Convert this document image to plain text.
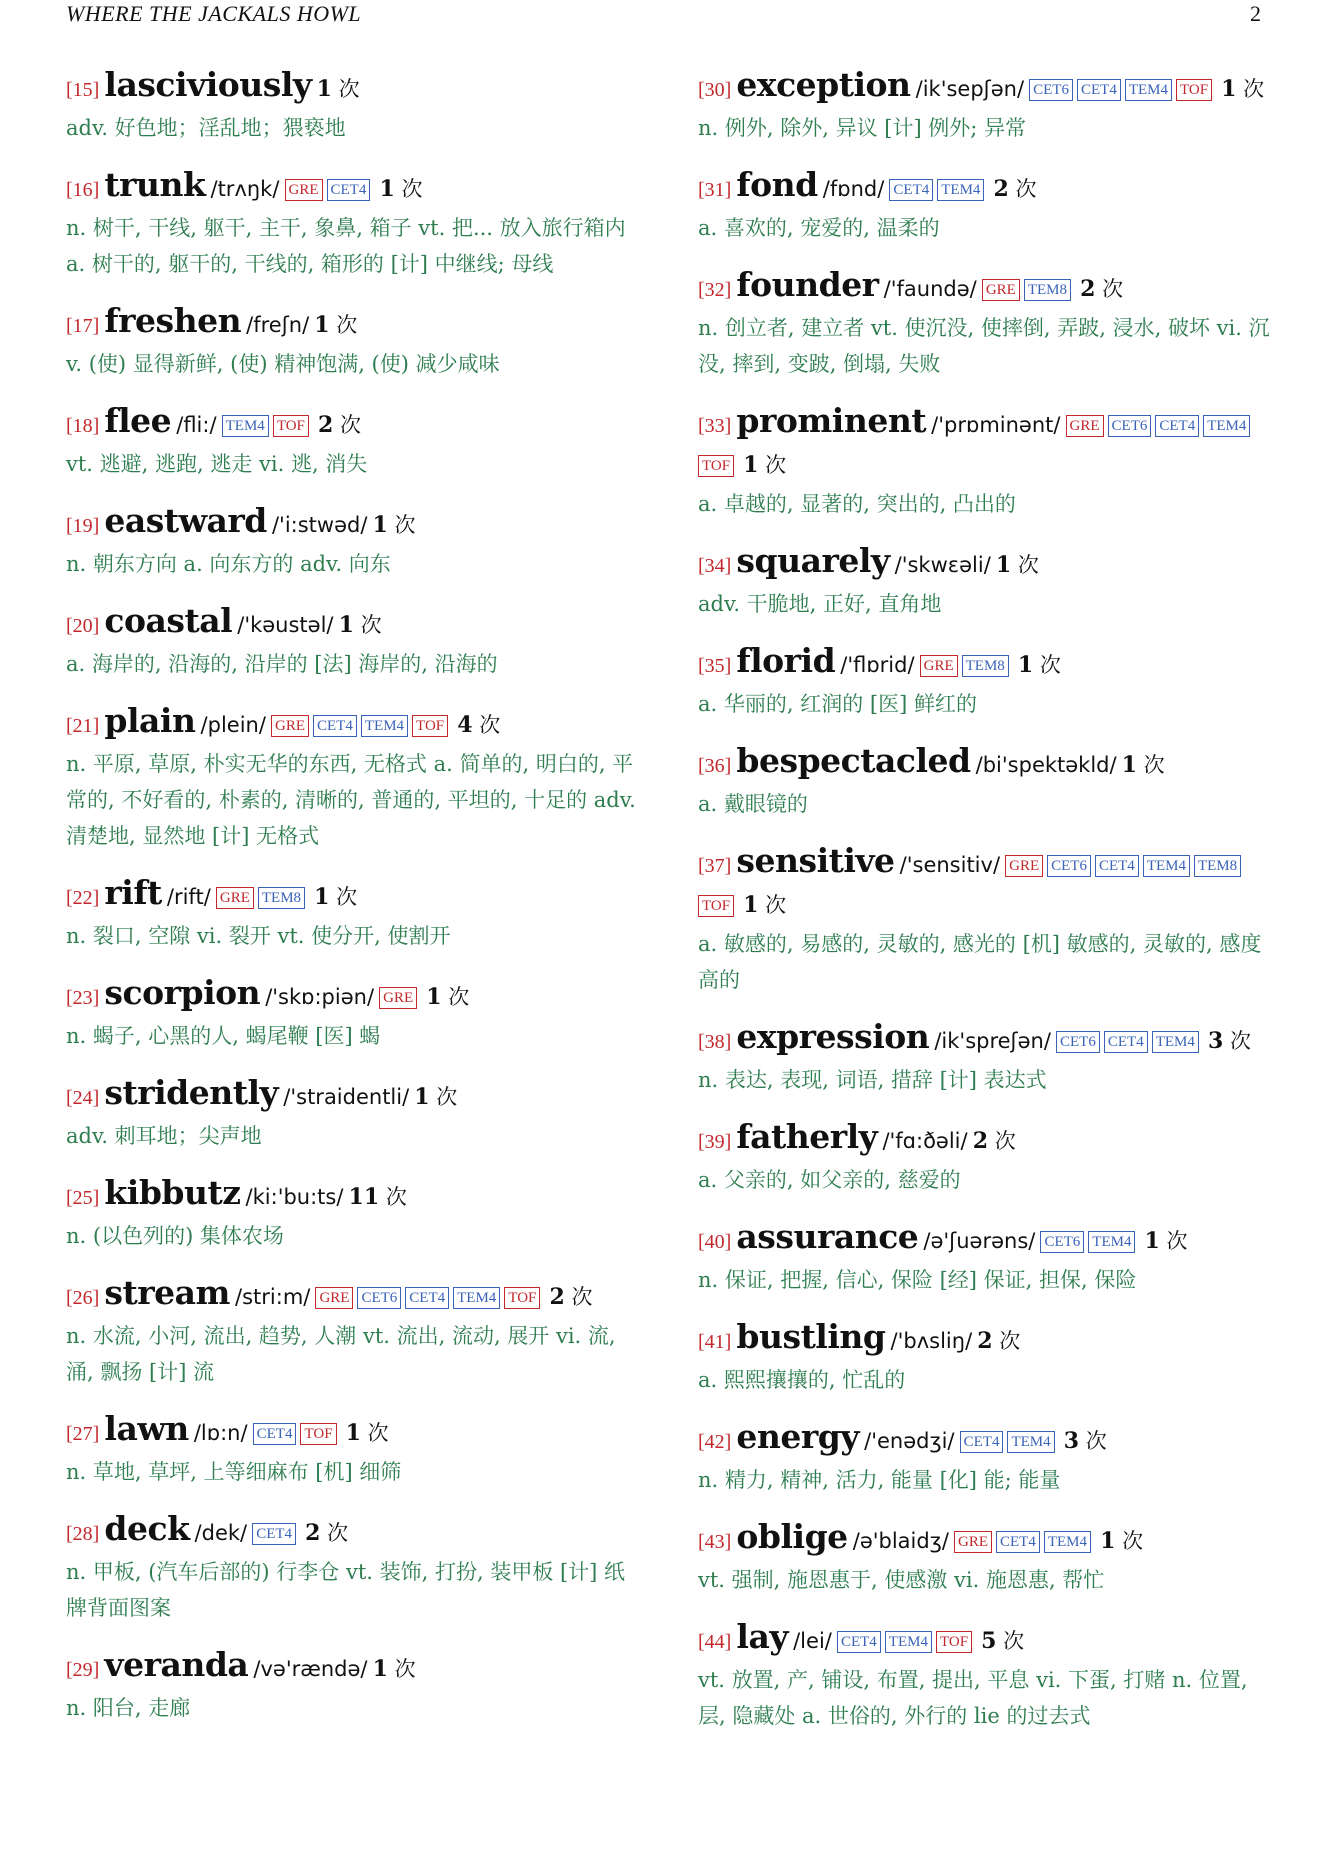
WHERE THE JACKALS HOWL	2
[15] lasciviously 1 次
adv. 好色地；淫乱地；猥亵地
[16] trunk /trʌŋk/ GRE CET4 1 次
n. 树干, 干线, 躯干, 主干, 象鼻, 箱子 vt. 把... 放入旅行箱内 a. 树干的, 躯干的, 干线的, 箱形的 [计] 中继线; 母线
[17] freshen /freʃn/ 1 次
v. (使) 显得新鲜, (使) 精神饱满, (使) 减少咸味
[18] flee /fli:/ TEM4 TOF 2 次
vt. 逃避, 逃跑, 逃走 vi. 逃, 消失
[19] eastward /'i:stwəd/ 1 次
n. 朝东方向 a. 向东方的 adv. 向东
[20] coastal /'kəustəl/ 1 次
a. 海岸的, 沿海的, 沿岸的 [法] 海岸的, 沿海的
[21] plain /plein/ GRE CET4 TEM4 TOF 4 次
n. 平原, 草原, 朴实无华的东西, 无格式 a. 简单的, 明白的, 平常的, 不好看的, 朴素的, 清晰的, 普通的, 平坦的, 十足的 adv. 清楚地, 显然地 [计] 无格式
[22] rift /rift/ GRE TEM8 1 次
n. 裂口, 空隙 vi. 裂开 vt. 使分开, 使割开
[23] scorpion /'skɒ:piən/ GRE 1 次
n. 蝎子, 心黑的人, 蝎尾鞭 [医] 蝎
[24] stridently /'straidentli/ 1 次
adv. 刺耳地；尖声地
[25] kibbutz /ki:'bu:ts/ 11 次
n. (以色列的) 集体农场
[26] stream /stri:m/ GRE CET6 CET4 TEM4 TOF 2 次
n. 水流, 小河, 流出, 趋势, 人潮 vt. 流出, 流动, 展开 vi. 流, 涌, 飘扬 [计] 流
[27] lawn /lɒ:n/ CET4 TOF 1 次
n. 草地, 草坪, 上等细麻布 [机] 细筛
[28] deck /dek/ CET4 2 次
n. 甲板, (汽车后部的) 行李仓 vt. 装饰, 打扮, 装甲板 [计] 纸牌背面图案
[29] veranda /və'rændə/ 1 次
n. 阳台, 走廊
[30] exception /ik'sepʃən/ CET6 CET4 TEM4 TOF 1 次
n. 例外, 除外, 异议 [计] 例外; 异常
[31] fond /fɒnd/ CET4 TEM4 2 次
a. 喜欢的, 宠爱的, 温柔的
[32] founder /'faundə/ GRE TEM8 2 次
n. 创立者, 建立者 vt. 使沉没, 使摔倒, 弄跛, 浸水, 破坏 vi. 沉没, 摔到, 变跛, 倒塌, 失败
[33] prominent /'prɒminənt/ GRE CET6 CET4 TEM4TOF 1 次
a. 卓越的, 显著的, 突出的, 凸出的
[34] squarely /'skwɛəli/ 1 次
adv. 干脆地, 正好, 直角地
[35] florid /'flɒrid/ GRE TEM8 1 次
a. 华丽的, 红润的 [医] 鲜红的
[36] bespectacled /bi'spektəkld/ 1 次
a. 戴眼镜的
[37] sensitive /'sensitiv/ GRE CET6 CET4 TEM4 TEM8TOF 1 次
a. 敏感的, 易感的, 灵敏的, 感光的 [机] 敏感的, 灵敏的, 感度高的
[38] expression /ik'spreʃən/ CET6 CET4 TEM4 3 次
n. 表达, 表现, 词语, 措辞 [计] 表达式
[39] fatherly /'fɑ:ðəli/ 2 次
a. 父亲的, 如父亲的, 慈爱的
[40] assurance /ə'ʃuərəns/ CET6 TEM4 1 次
n. 保证, 把握, 信心, 保险 [经] 保证, 担保, 保险
[41] bustling /'bʌsliŋ/ 2 次
a. 熙熙攘攘的, 忙乱的
[42] energy /'enədʒi/ CET4 TEM4 3 次
n. 精力, 精神, 活力, 能量 [化] 能; 能量
[43] oblige /ə'blaidʒ/ GRE CET4 TEM4 1 次
vt. 强制, 施恩惠于, 使感激 vi. 施恩惠, 帮忙
[44] lay /lei/ CET4 TEM4 TOF 5 次
vt. 放置, 产, 铺设, 布置, 提出, 平息 vi. 下蛋, 打赌 n. 位置, 层, 隐藏处 a. 世俗的, 外行的 lie 的过去式
